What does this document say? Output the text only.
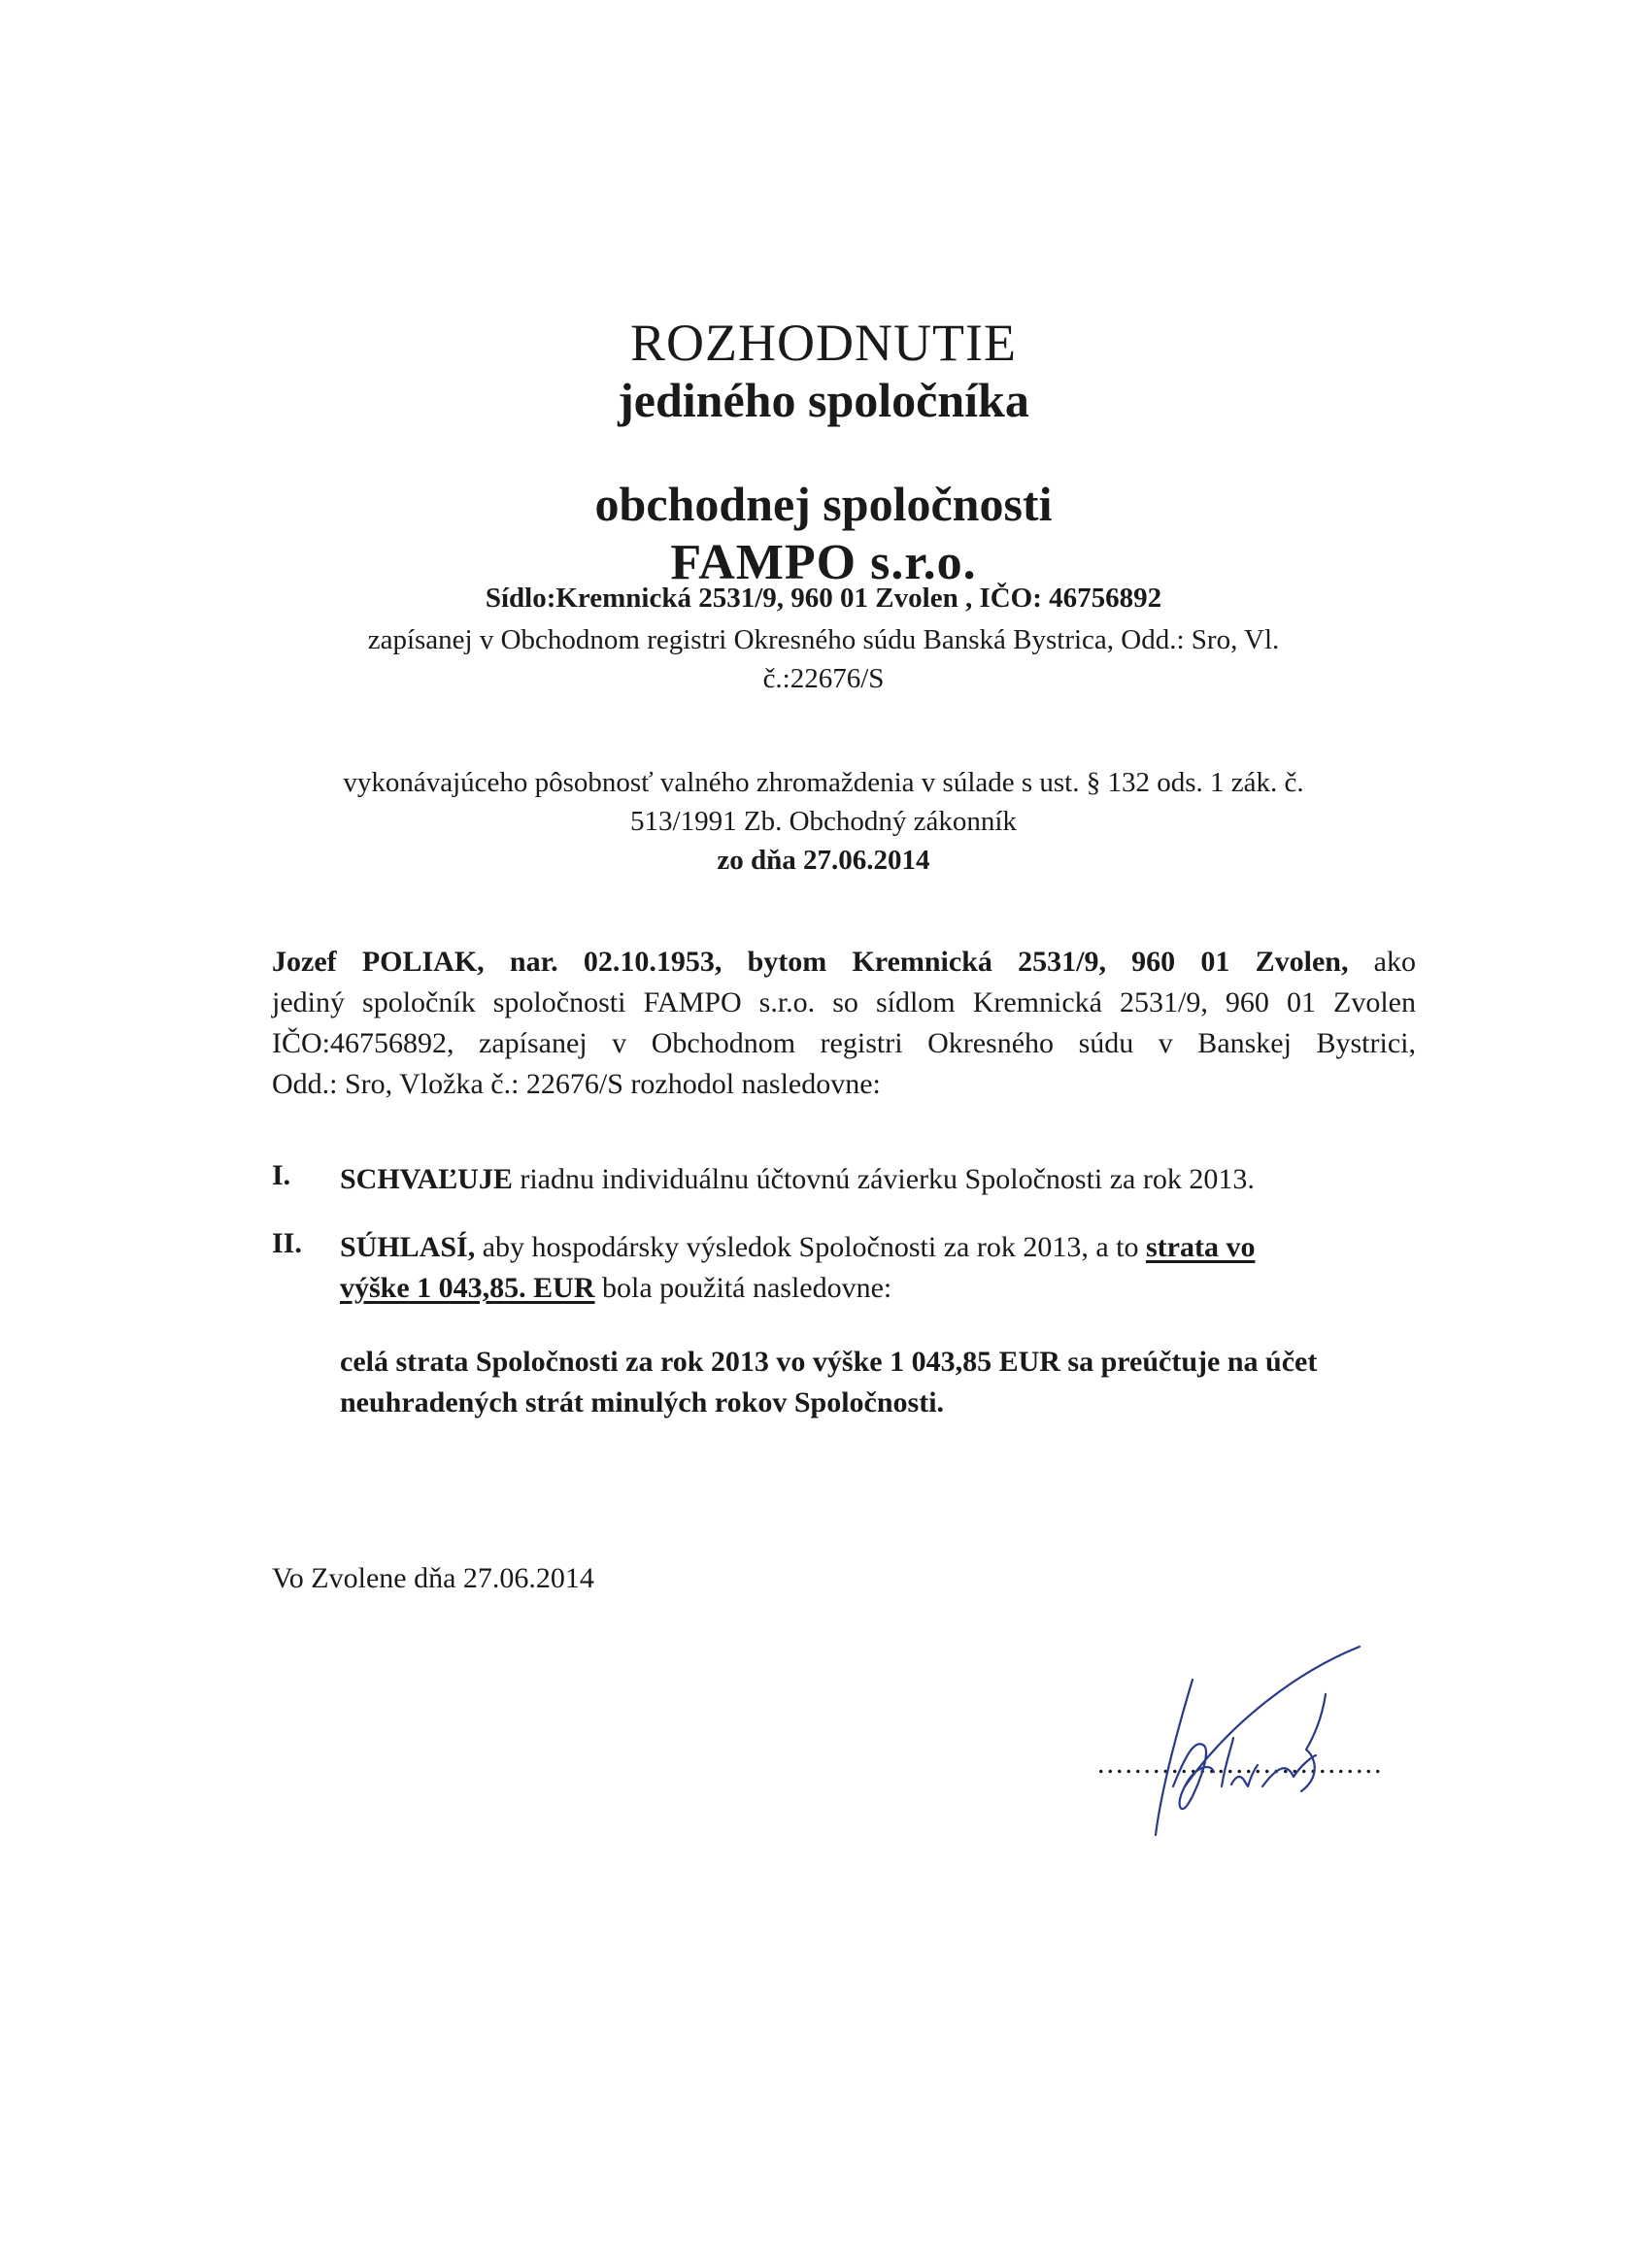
ROZHODNUTIE
jediného spoločníka
obchodnej spoločnosti
FAMPO s.r.o.
Sídlo:Kremnická 2531/9, 960 01 Zvolen , IČO: 46756892
zapísanej v Obchodnom registri Okresného súdu Banská Bystrica, Odd.: Sro, Vl.
č.:22676/S
vykonávajúceho pôsobnosť valného zhromaždenia v súlade s ust. § 132 ods. 1 zák. č.
513/1991 Zb. Obchodný zákonník
zo dňa 27.06.2014
Jozef POLIAK, nar. 02.10.1953, bytom Kremnická 2531/9, 960 01 Zvolen, ako
jediný spoločník spoločnosti FAMPO s.r.o. so sídlom Kremnická 2531/9, 960 01 Zvolen
IČO:46756892, zapísanej v Obchodnom registri Okresného súdu v Banskej Bystrici,
Odd.: Sro, Vložka č.: 22676/S rozhodol nasledovne:
I. SCHVAĽUJE riadnu individuálnu účtovnú závierku Spoločnosti za rok 2013.
II. SÚHLASÍ, aby hospodársky výsledok Spoločnosti za rok 2013, a to strata vo
výške 1 043,85. EUR bola použitá nasledovne:
celá strata Spoločnosti za rok 2013 vo výške 1 043,85 EUR sa preúčtuje na účet
neuhradených strát minulých rokov Spoločnosti.
Vo Zvolene dňa 27.06.2014
...............................
